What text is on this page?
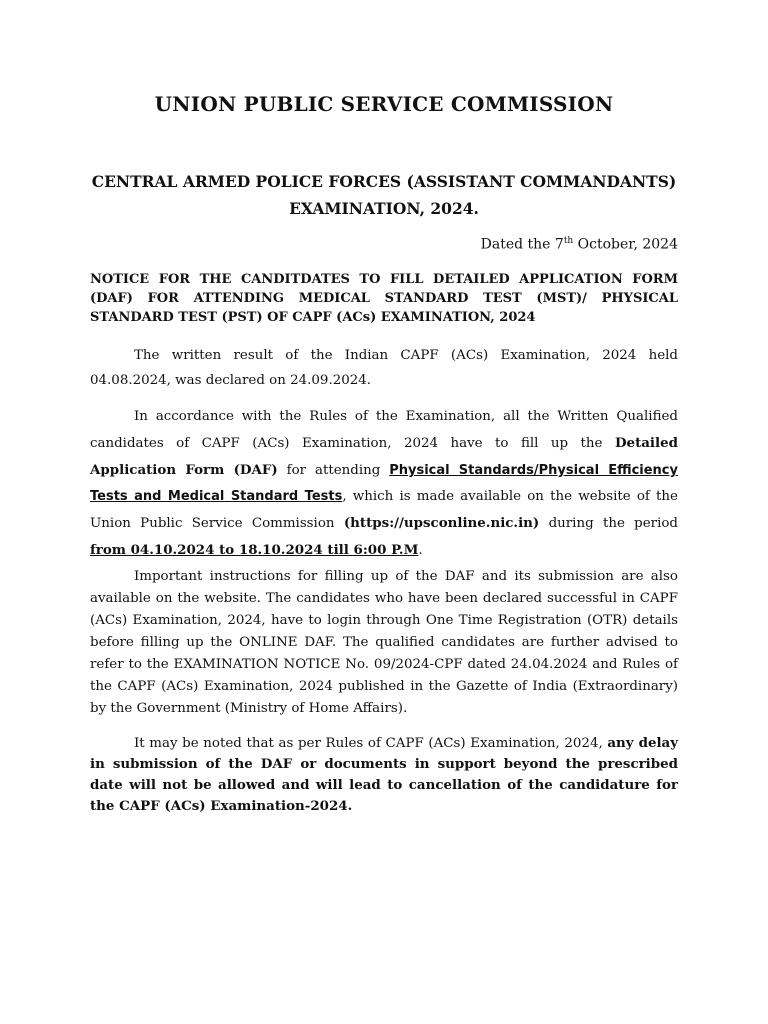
UNION PUBLIC SERVICE COMMISSION
CENTRAL ARMED POLICE FORCES (ASSISTANT COMMANDANTS)
EXAMINATION, 2024.
Dated the 7th October, 2024
NOTICE FOR THE CANDITDATES TO FILL DETAILED APPLICATION FORM (DAF) FOR ATTENDING MEDICAL STANDARD TEST (MST)/ PHYSICAL STANDARD TEST (PST) OF CAPF (ACs) EXAMINATION, 2024

The written result of the Indian CAPF (ACs) Examination, 2024 held 04.08.2024, was declared on 24.09.2024.

In accordance with the Rules of the Examination, all the Written Qualified candidates of CAPF (ACs) Examination, 2024 have to fill up the Detailed Application Form (DAF) for attending Physical Standards/Physical Efficiency Tests and Medical Standard Tests, which is made available on the website of the Union Public Service Commission (https://upsconline.nic.in) during the period from 04.10.2024 to 18.10.2024 till 6:00 P.M.

Important instructions for filling up of the DAF and its submission are also available on the website. The candidates who have been declared successful in CAPF (ACs) Examination, 2024, have to login through One Time Registration (OTR) details before filling up the ONLINE DAF. The qualified candidates are further advised to refer to the EXAMINATION NOTICE No. 09/2024-CPF dated 24.04.2024 and Rules of the CAPF (ACs) Examination, 2024 published in the Gazette of India (Extraordinary) by the Government (Ministry of Home Affairs).

It may be noted that as per Rules of CAPF (ACs) Examination, 2024, any delay in submission of the DAF or documents in support beyond the prescribed date will not be allowed and will lead to cancellation of the candidature for the CAPF (ACs) Examination-2024.
